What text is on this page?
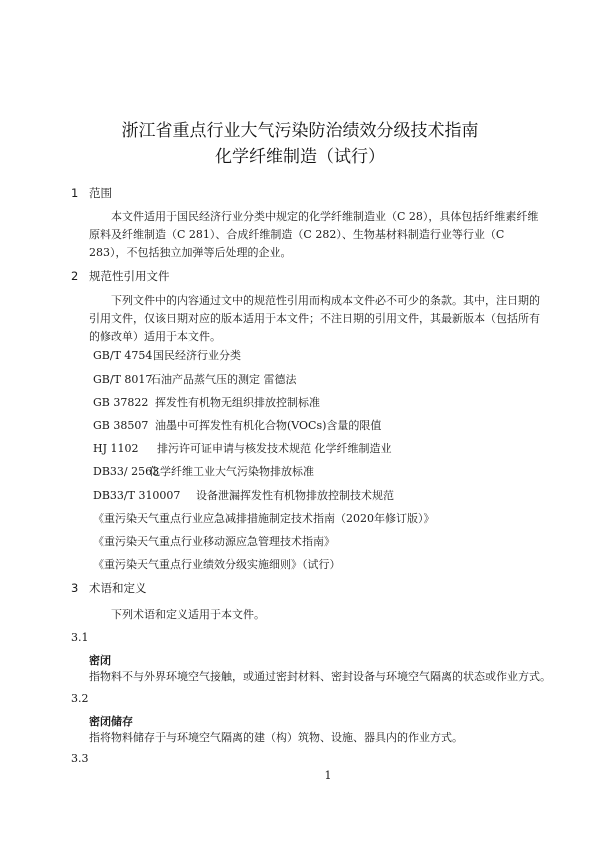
浙江省重点行业大气污染防治绩效分级技术指南
化学纤维制造（试行）
1 范围
本文件适用于国民经济行业分类中规定的化学纤维制造业（C 28），具体包括纤维素纤维原料及纤维制造（C 281）、合成纤维制造（C 282）、生物基材料制造行业等行业（C 283），不包括独立加弹等后处理的企业。
2 规范性引用文件
下列文件中的内容通过文中的规范性引用而构成本文件必不可少的条款。其中，注日期的引用文件，仅该日期对应的版本适用于本文件；不注日期的引用文件，其最新版本（包括所有的修改单）适用于本文件。
GB/T 4754国民经济行业分类
GB/T 8017石油产品蒸气压的测定 雷德法
GB 37822 挥发性有机物无组织排放控制标准
GB 38507 油墨中可挥发性有机化合物(VOCs)含量的限值
HJ 1102 排污许可证申请与核发技术规范 化学纤维制造业
DB33/ 2563化学纤维工业大气污染物排放标准
DB33/T 310007 设备泄漏挥发性有机物排放控制技术规范
《重污染天气重点行业应急减排措施制定技术指南（2020年修订版）》
《重污染天气重点行业移动源应急管理技术指南》
《重污染天气重点行业绩效分级实施细则》（试行）
3 术语和定义
下列术语和定义适用于本文件。
3.1
密闭
指物料不与外界环境空气接触，或通过密封材料、密封设备与环境空气隔离的状态或作业方式。
3.2
密闭储存
指将物料储存于与环境空气隔离的建（构）筑物、设施、器具内的作业方式。
3.3
1
